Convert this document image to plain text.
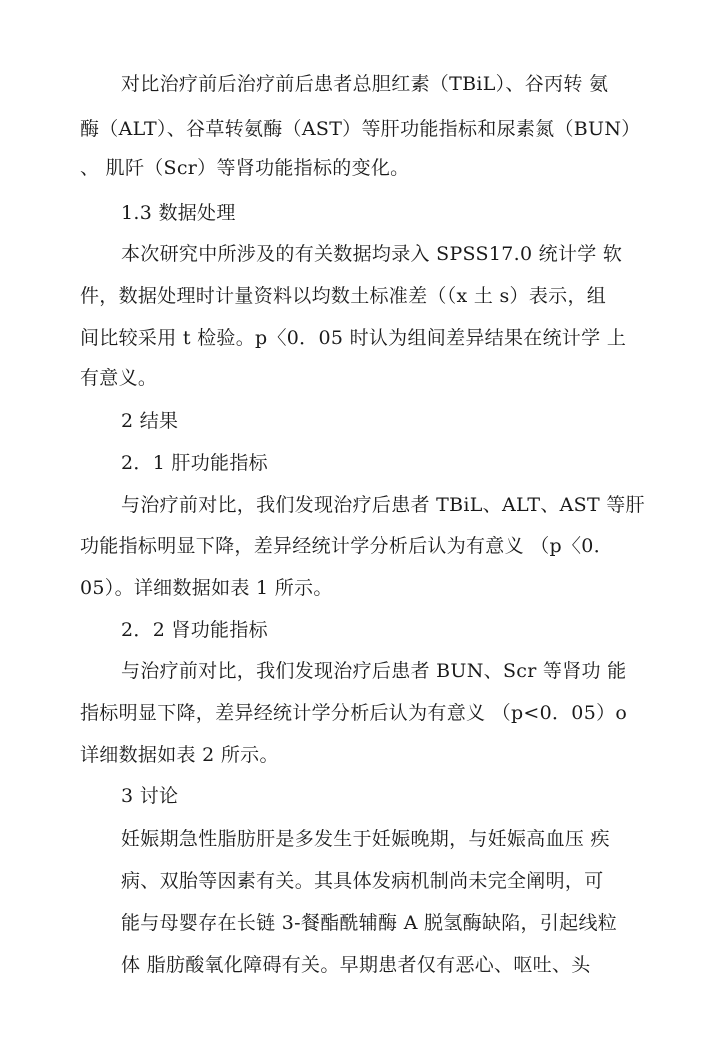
对比治疗前后治疗前后患者总胆红素（TBiL）、谷丙转 氨
酶（ALT）、谷草转氨酶（AST）等肝功能指标和尿素氮（BUN）
、 肌阡（Scr）等肾功能指标的变化。
1.3 数据处理
本次研究中所涉及的有关数据均录入 SPSS17.0 统计学 软
件，数据处理时计量资料以均数土标准差（（x 土 s）表示，组
间比较采用 t 检验。p〈0．05 时认为组间差异结果在统计学 上
有意义。
2 结果
2．1 肝功能指标
与治疗前对比，我们发现治疗后患者 TBiL、ALT、AST 等肝
功能指标明显下降，差异经统计学分析后认为有意义 （p〈0．
05）。详细数据如表 1 所示。
2．2 肾功能指标
与治疗前对比，我们发现治疗后患者 BUN、Scr 等肾功 能
指标明显下降，差异经统计学分析后认为有意义 （p<0．05）o
详细数据如表 2 所示。
3 讨论
妊娠期急性脂肪肝是多发生于妊娠晚期，与妊娠高血压 疾
病、双胎等因素有关。其具体发病机制尚未完全阐明，可
能与母婴存在长链 3-餐酯酰辅酶 A 脱氢酶缺陷，引起线粒
体 脂肪酸氧化障碍有关。早期患者仅有恶心、呕吐、头
